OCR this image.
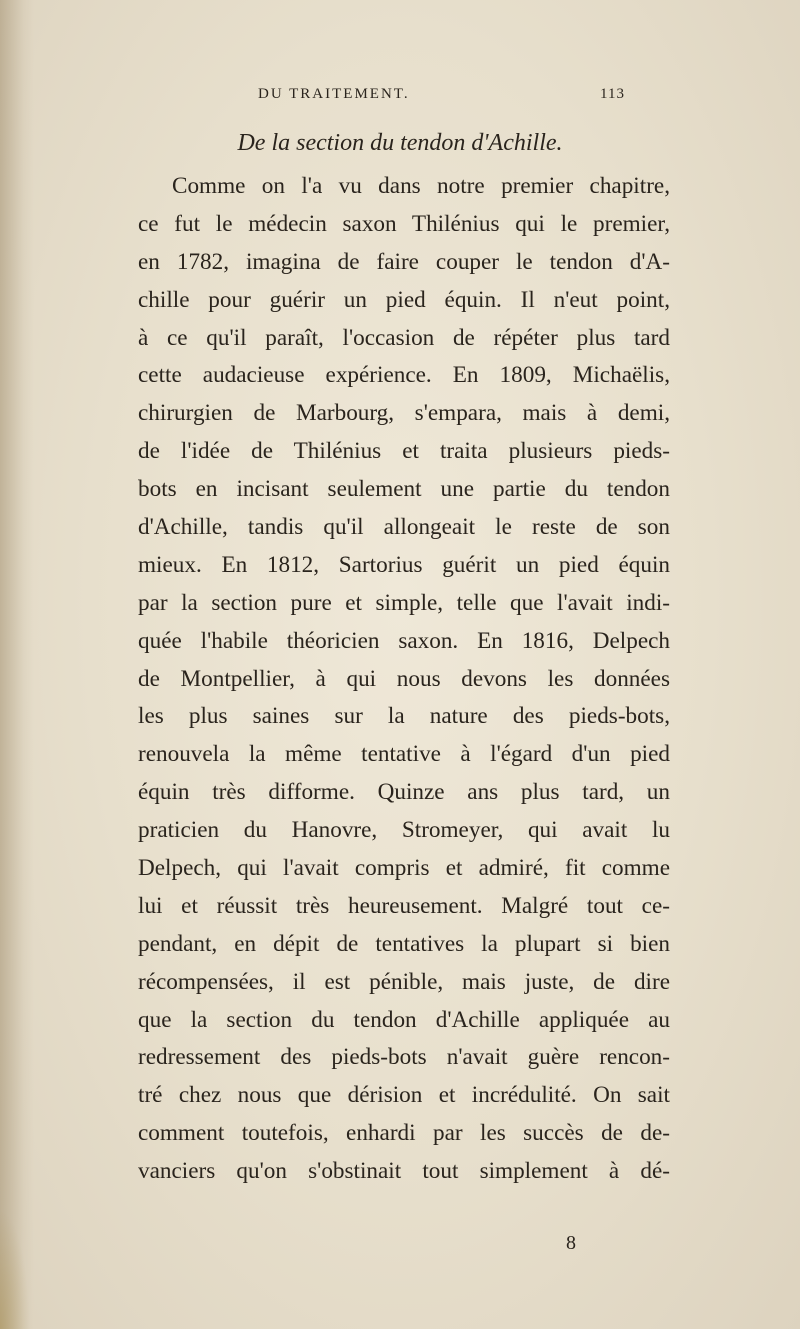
DU TRAITEMENT.	113
De la section du tendon d'Achille.
Comme on l'a vu dans notre premier chapitre,
ce fut le médecin saxon Thilénius qui le premier,
en 1782, imagina de faire couper le tendon d'A-
chille pour guérir un pied équin. Il n'eut point,
à ce qu'il paraît, l'occasion de répéter plus tard
cette audacieuse expérience. En 1809, Michaëlis,
chirurgien de Marbourg, s'empara, mais à demi,
de l'idée de Thilénius et traita plusieurs pieds-
bots en incisant seulement une partie du tendon
d'Achille, tandis qu'il allongeait le reste de son
mieux. En 1812, Sartorius guérit un pied équin
par la section pure et simple, telle que l'avait indi-
quée l'habile théoricien saxon. En 1816, Delpech
de Montpellier, à qui nous devons les données
les plus saines sur la nature des pieds-bots,
renouvela la même tentative à l'égard d'un pied
équin très difforme. Quinze ans plus tard, un
praticien du Hanovre, Stromeyer, qui avait lu
Delpech, qui l'avait compris et admiré, fit comme
lui et réussit très heureusement. Malgré tout ce-
pendant, en dépit de tentatives la plupart si bien
récompensées, il est pénible, mais juste, de dire
que la section du tendon d'Achille appliquée au
redressement des pieds-bots n'avait guère rencon-
tré chez nous que dérision et incrédulité. On sait
comment toutefois, enhardi par les succès de de-
vanciers qu'on s'obstinait tout simplement à dé-
8
